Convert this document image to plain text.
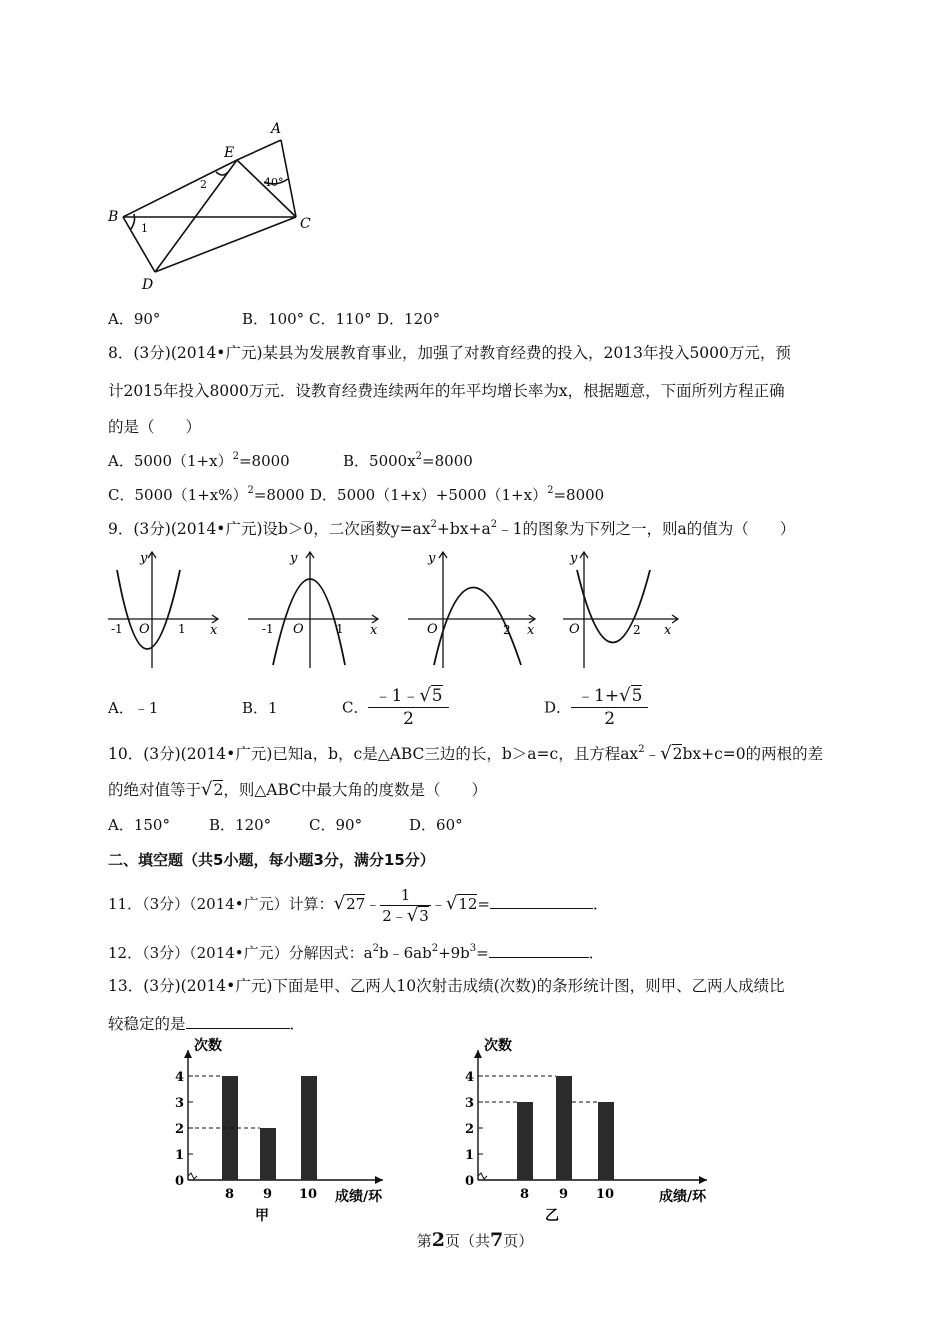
A
E
B	C
D
1
2	40°
A．90°	B．100° C．110° D．120°
8．(3分)(2014•广元)某县为发展教育事业，加强了对教育经费的投入，2013年投入5000万元，预
计2015年投入8000万元．设教育经费连续两年的年平均增长率为x，根据题意，下面所列方程正确
的是（　　）
A．$5000(1+x)^2=8000$	B．$5000x^2=8000$
C．$5000(1+x\%)^2=8000$ D．$5000(1+x)+5000(1+x)^2=8000$
9．(3分)(2014•广元)设b＞0，二次函数$y=ax^2+bx+a^2﹣1$的图象为下列之一，则a的值为（　　）
y
x
O
-1	1
y
x
O
-1	1
y
x
O	2
y
x
O	2
A．﹣1	B．1	C． $\frac{﹣1﹣√5}{2}$	D． $\frac{﹣1+√5}{2}$
10．(3分)(2014•广元)已知a，b，c是△ABC三边的长，b＞a=c，且方程$ax^2﹣√2bx+c=0$的两根的差
的绝对值等于√2，则△ABC中最大角的度数是（　　）
A．150°	B．120°	C．90°	D．60°
二、填空题（共5小题，每小题3分，满分15分）
11．（3分）（2014•广元）计算：√27﹣ $\frac{1}{2﹣√3}$ ﹣√12=	．
12．（3分）（2014•广元）分解因式：$a^2b﹣6ab^2+9b^3=$	．
13．(3分)(2014•广元)下面是甲、乙两人10次射击成绩(次数)的条形统计图，则甲、乙两人成绩比
较稳定的是	．
次数
0
1
2
3
4
8 9 10 成绩/环
甲
次数
0
1
2
3
4
8 9 10	成绩/环
乙
第2页（共7页）
